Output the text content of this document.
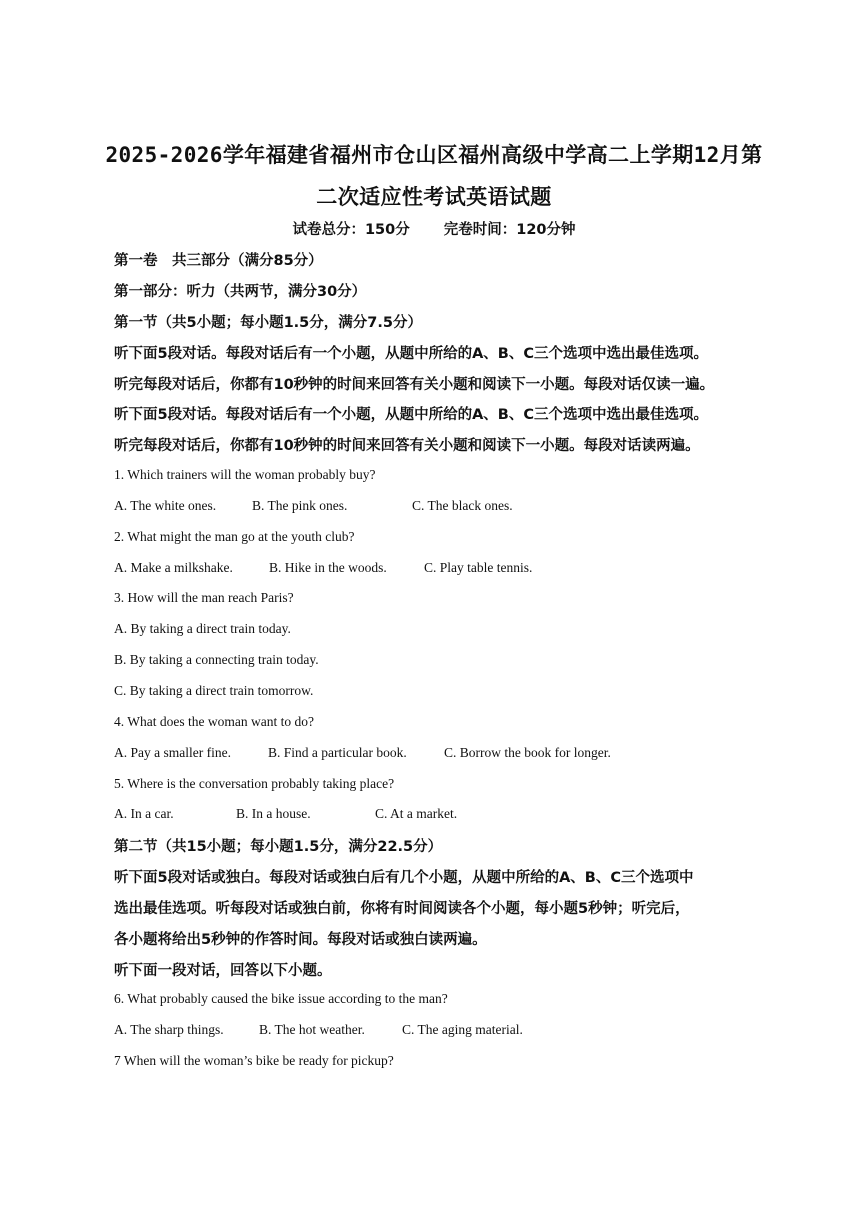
2025-2026学年福建省福州市仓山区福州高级中学高二上学期12月第
二次适应性考试英语试题
试卷总分：150分 完卷时间：120分钟
第一卷　共三部分（满分85分）
第一部分：听力（共两节，满分30分）
第一节（共5小题；每小题1.5分，满分7.5分）
听下面5段对话。每段对话后有一个小题，从题中所给的A、B、C三个选项中选出最佳选项。
听完每段对话后，你都有10秒钟的时间来回答有关小题和阅读下一小题。每段对话仅读一遍。
听下面5段对话。每段对话后有一个小题，从题中所给的A、B、C三个选项中选出最佳选项。
听完每段对话后，你都有10秒钟的时间来回答有关小题和阅读下一小题。每段对话读两遍。
1. Which trainers will the woman probably buy?
A. The white ones.	B. The pink ones.	C. The black ones.
2. What might the man go at the youth club?
A. Make a milkshake.	B. Hike in the woods.	C. Play table tennis.
3. How will the man reach Paris?
A. By taking a direct train today.
B. By taking a connecting train today.
C. By taking a direct train tomorrow.
4. What does the woman want to do?
A. Pay a smaller fine.	B. Find a particular book.	C. Borrow the book for longer.
5. Where is the conversation probably taking place?
A. In a car.	B. In a house.	C. At a market.
第二节（共15小题；每小题1.5分，满分22.5分）
听下面5段对话或独白。每段对话或独白后有几个小题，从题中所给的A、B、C三个选项中
选出最佳选项。听每段对话或独白前，你将有时间阅读各个小题，每小题5秒钟；听完后，
各小题将给出5秒钟的作答时间。每段对话或独白读两遍。
听下面一段对话，回答以下小题。
6. What probably caused the bike issue according to the man?
A. The sharp things.	B. The hot weather.	C. The aging material.
7 When will the woman’s bike be ready for pickup?
